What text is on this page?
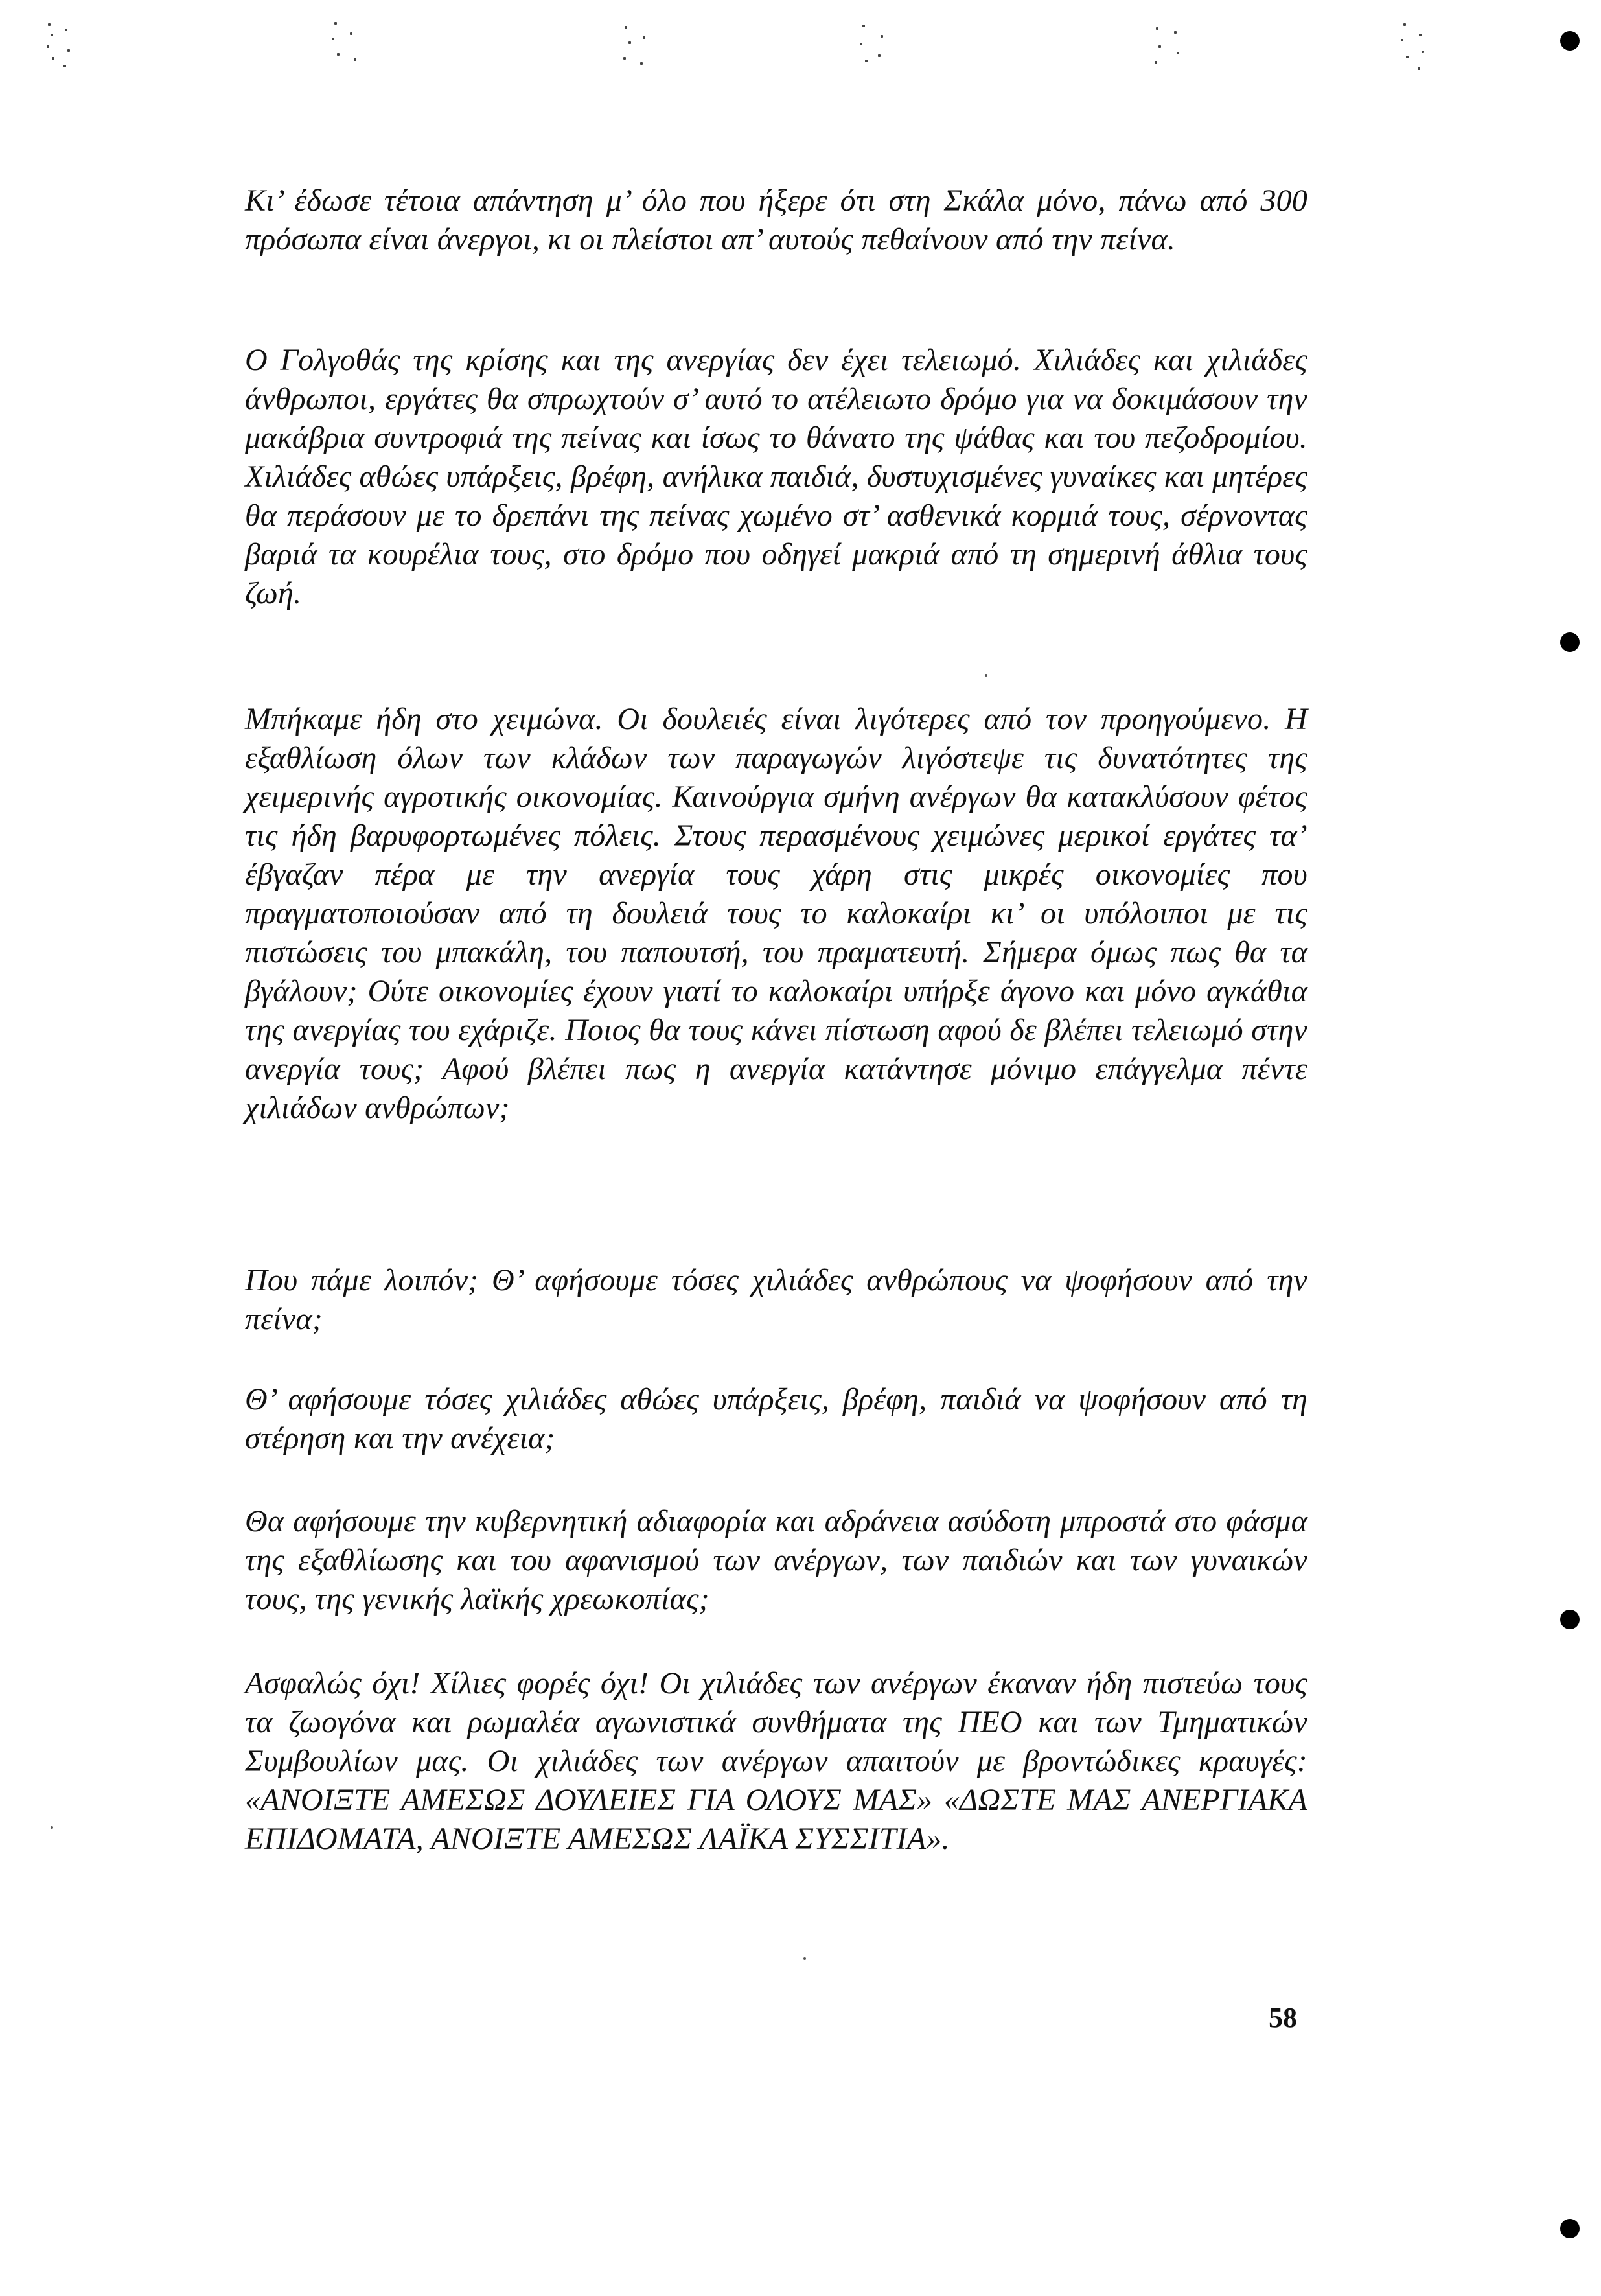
Κι’ έδωσε τέτοια απάντηση μ’ όλο που ήξερε ότι στη Σκάλα μόνο, πάνω από 300 πρόσωπα είναι άνεργοι, κι οι πλείστοι απ’ αυτούς πεθαίνουν από την πείνα.
Ο Γολγοθάς της κρίσης και της ανεργίας δεν έχει τελειωμό. Χιλιάδες και χιλιάδες άνθρωποι, εργάτες θα σπρωχτούν σ’ αυτό το ατέλειωτο δρόμο για να δοκιμάσουν την μακάβρια συντροφιά της πείνας και ίσως το θάνατο της ψάθας και του πεζοδρομίου. Χιλιάδες αθώες υπάρξεις, βρέφη, ανήλικα παιδιά, δυστυχισμένες γυναίκες και μητέρες θα περάσουν με το δρεπάνι της πείνας χωμένο στ’ ασθενικά κορμιά τους, σέρνοντας βαριά τα κουρέλια τους, στο δρόμο που οδηγεί μακριά από τη σημερινή άθλια τους ζωή.
Μπήκαμε ήδη στο χειμώνα. Οι δουλειές είναι λιγότερες από τον προηγούμενο. Η εξαθλίωση όλων των κλάδων των παραγωγών λιγόστεψε τις δυνατότητες της χειμερινής αγροτικής οικονομίας. Καινούργια σμήνη ανέργων θα κατακλύσουν φέτος τις ήδη βαρυφορτωμένες πόλεις. Στους περασμένους χειμώνες μερικοί εργάτες τα’ έβγαζαν πέρα με την ανεργία τους χάρη στις μικρές οικονομίες που πραγματοποιούσαν από τη δουλειά τους το καλοκαίρι κι’ οι υπόλοιποι με τις πιστώσεις του μπακάλη, του παπουτσή, του πραματευτή. Σήμερα όμως πως θα τα βγάλουν; Ούτε οικονομίες έχουν γιατί το καλοκαίρι υπήρξε άγονο και μόνο αγκάθια της ανεργίας του εχάριζε. Ποιος θα τους κάνει πίστωση αφού δε βλέπει τελειωμό στην ανεργία τους; Αφού βλέπει πως η ανεργία κατάντησε μόνιμο επάγγελμα πέντε χιλιάδων ανθρώπων;
Που πάμε λοιπόν; Θ’ αφήσουμε τόσες χιλιάδες ανθρώπους να ψοφήσουν από την πείνα;
Θ’ αφήσουμε τόσες χιλιάδες αθώες υπάρξεις, βρέφη, παιδιά να ψοφήσουν από τη στέρηση και την ανέχεια;
Θα αφήσουμε την κυβερνητική αδιαφορία και αδράνεια ασύδοτη μπροστά στο φάσμα της εξαθλίωσης και του αφανισμού των ανέργων, των παιδιών και των γυναικών τους, της γενικής λαϊκής χρεωκοπίας;
Ασφαλώς όχι! Χίλιες φορές όχι! Οι χιλιάδες των ανέργων έκαναν ήδη πιστεύω τους τα ζωογόνα και ρωμαλέα αγωνιστικά συνθήματα της ΠΕΟ και των Τμηματικών Συμβουλίων μας. Οι χιλιάδες των ανέργων απαιτούν με βροντώδικες κραυγές: «ΑΝΟΙΞΤΕ ΑΜΕΣΩΣ ΔΟΥΛΕΙΕΣ ΓΙΑ ΟΛΟΥΣ ΜΑΣ» «ΔΩΣΤΕ ΜΑΣ ΑΝΕΡΓΙΑΚΑ ΕΠΙΔΟΜΑΤΑ, ΑΝΟΙΞΤΕ ΑΜΕΣΩΣ ΛΑΪΚΑ ΣΥΣΣΙΤΙΑ».
58
